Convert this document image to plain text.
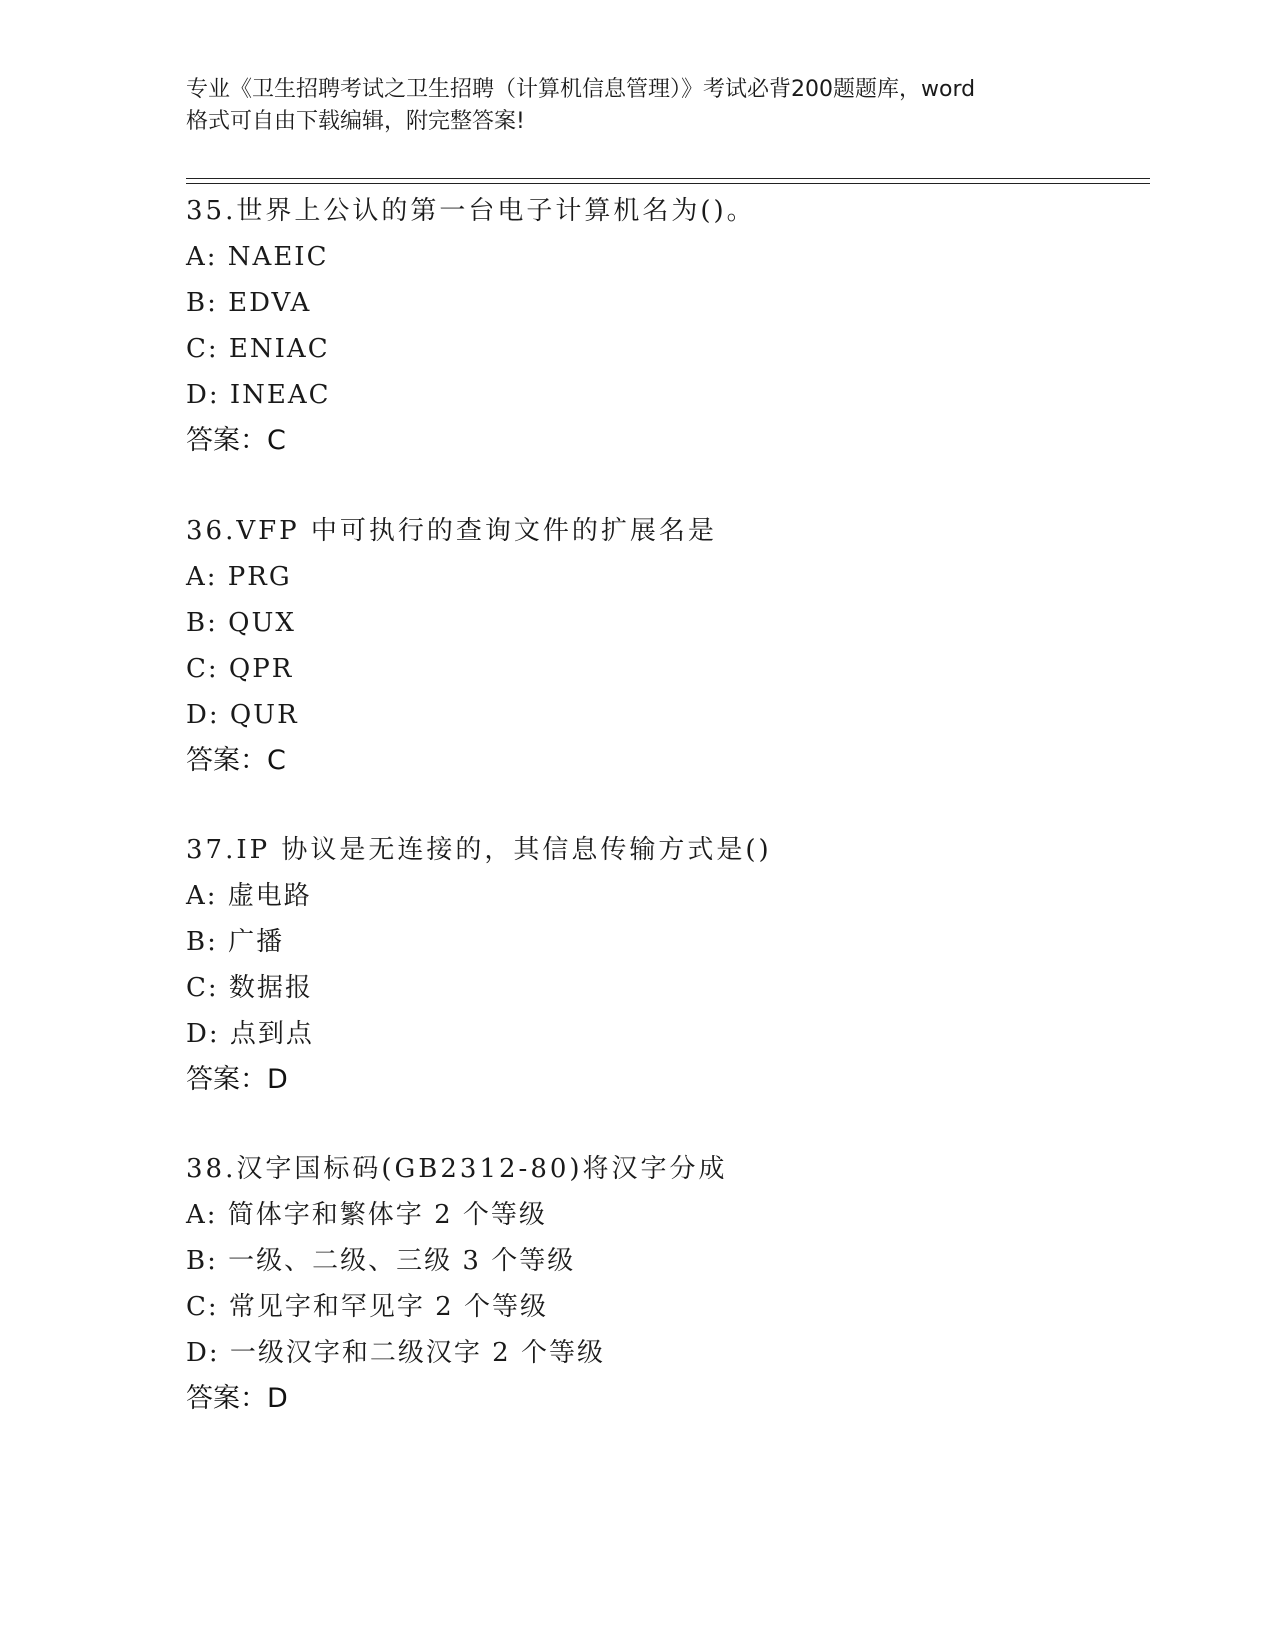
专业《卫生招聘考试之卫生招聘（计算机信息管理）》考试必背200题题库，word
格式可自由下载编辑，附完整答案!
35.世界上公认的第一台电子计算机名为()。
A: NAEIC
B: EDVA
C: ENIAC
D: INEAC
答案：C
36.VFP 中可执行的查询文件的扩展名是
A: PRG
B: QUX
C: QPR
D: QUR
答案：C
37.IP 协议是无连接的，其信息传输方式是()
A: 虚电路
B: 广播
C: 数据报
D: 点到点
答案：D
38.汉字国标码(GB2312-80)将汉字分成
A: 简体字和繁体字 2 个等级
B: 一级、二级、三级 3 个等级
C: 常见字和罕见字 2 个等级
D: 一级汉字和二级汉字 2 个等级
答案：D
